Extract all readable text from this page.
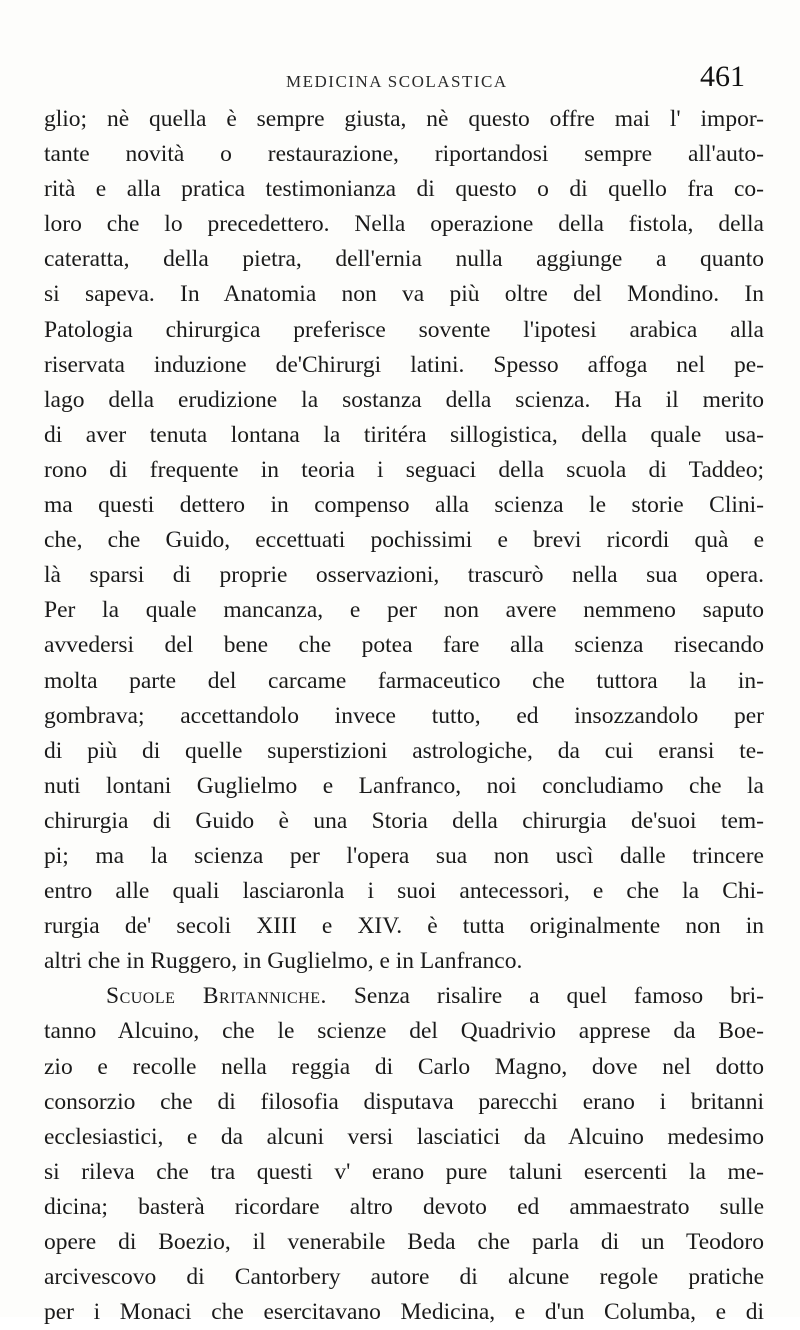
MEDICINA SCOLASTICA	461
glio; nè quella è sempre giusta, nè questo offre mai l' impor-
tante novità o restaurazione, riportandosi sempre all'auto-
rità e alla pratica testimonianza di questo o di quello fra co-
loro che lo precedettero. Nella operazione della fistola, della
cateratta, della pietra, dell'ernia nulla aggiunge a quanto
si sapeva. In Anatomia non va più oltre del Mondino. In
Patologia chirurgica preferisce sovente l'ipotesi arabica alla
riservata induzione de'Chirurgi latini. Spesso affoga nel pe-
lago della erudizione la sostanza della scienza. Ha il merito
di aver tenuta lontana la tiritéra sillogistica, della quale usa-
rono di frequente in teoria i seguaci della scuola di Taddeo;
ma questi dettero in compenso alla scienza le storie Clini-
che, che Guido, eccettuati pochissimi e brevi ricordi quà e
là sparsi di proprie osservazioni, trascurò nella sua opera.
Per la quale mancanza, e per non avere nemmeno saputo
avvedersi del bene che potea fare alla scienza risecando
molta parte del carcame farmaceutico che tuttora la in-
gombrava; accettandolo invece tutto, ed insozzandolo per
di più di quelle superstizioni astrologiche, da cui eransi te-
nuti lontani Guglielmo e Lanfranco, noi concludiamo che la
chirurgia di Guido è una Storia della chirurgia de'suoi tem-
pi; ma la scienza per l'opera sua non uscì dalle trincere
entro alle quali lasciaronla i suoi antecessori, e che la Chi-
rurgia de' secoli XIII e XIV. è tutta originalmente non in
altri che in Ruggero, in Guglielmo, e in Lanfranco.
Scuole Britanniche. Senza risalire a quel famoso bri-
tanno Alcuino, che le scienze del Quadrivio apprese da Boe-
zio e recolle nella reggia di Carlo Magno, dove nel dotto
consorzio che di filosofia disputava parecchi erano i britanni
ecclesiastici, e da alcuni versi lasciatici da Alcuino medesimo
si rileva che tra questi v' erano pure taluni esercenti la me-
dicina; basterà ricordare altro devoto ed ammaestrato sulle
opere di Boezio, il venerabile Beda che parla di un Teodoro
arcivescovo di Cantorbery autore di alcune regole pratiche
per i Monaci che esercitavano Medicina, e d'un Columba, e di
